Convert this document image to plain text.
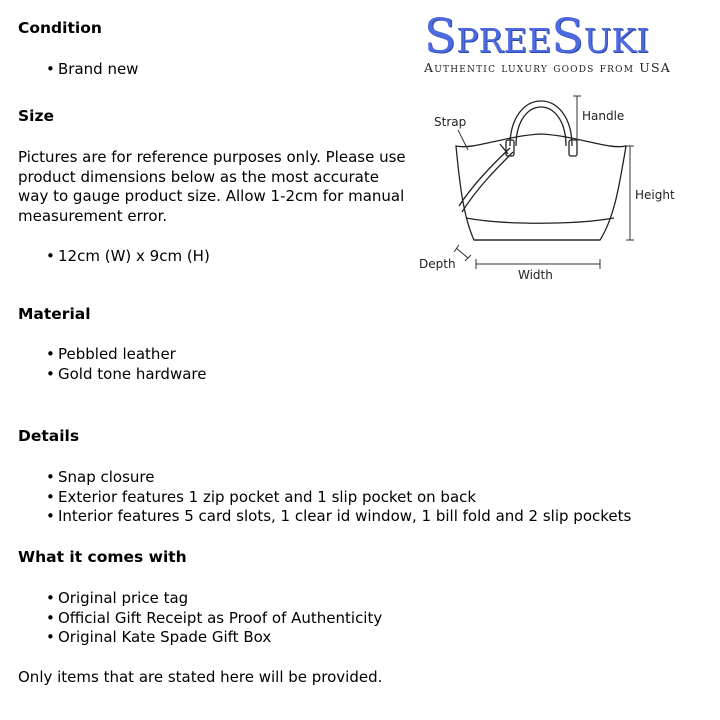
Condition
• Brand new
Size

Pictures are for reference purposes only. Please use product dimensions below as the most accurate way to gauge product size. Allow 1-2cm for manual measurement error.

• 12cm (W) x 9cm (H)
Material
• Pebbled leather
• Gold tone hardware
Details
• Snap closure
• Exterior features 1 zip pocket and 1 slip pocket on back
• Interior features 5 card slots, 1 clear id window, 1 bill fold and 2 slip pockets
What it comes with
• Original price tag
• Official Gift Receipt as Proof of Authenticity
• Original Kate Spade Gift Box

Only items that are stated here will be provided.

SpreeSuki
Authentic luxury goods from USA
Strap	Handle
Height
Depth
Width
